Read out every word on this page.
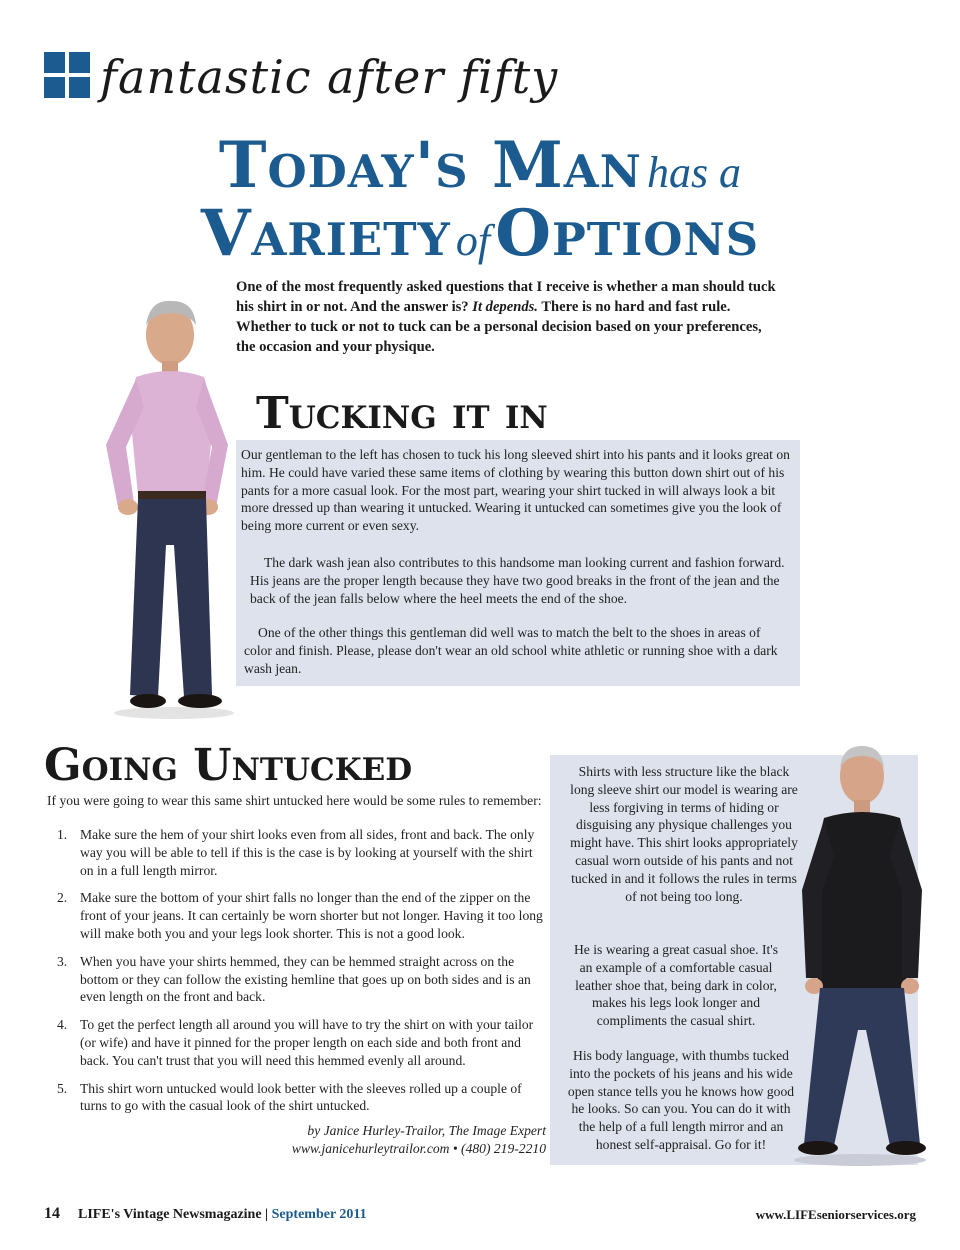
fantastic after fifty
Today's Man has a
Variety of Options
One of the most frequently asked questions that I receive is whether a man should tuck his shirt in or not. And the answer is? It depends. There is no hard and fast rule. Whether to tuck or not to tuck can be a personal decision based on your preferences, the occasion and your physique.
Tucking it in

Our gentleman to the left has chosen to tuck his long sleeved shirt into his pants and it looks great on him. He could have varied these same items of clothing by wearing this button down shirt out of his pants for a more casual look. For the most part, wearing your shirt tucked in will always look a bit more dressed up than wearing it untucked. Wearing it untucked can sometimes give you the look of being more current or even sexy.

The dark wash jean also contributes to this handsome man looking current and fashion forward. His jeans are the proper length because they have two good breaks in the front of the jean and the back of the jean falls below where the heel meets the end of the shoe.

One of the other things this gentleman did well was to match the belt to the shoes in areas of color and finish. Please, please don't wear an old school white athletic or running shoe with a dark wash jean.

Going Untucked
If you were going to wear this same shirt untucked here would be some rules to remember:
1. Make sure the hem of your shirt looks even from all sides, front and back. The only way you will be able to tell if this is the case is by looking at yourself with the shirt on in a full length mirror.
2. Make sure the bottom of your shirt falls no longer than the end of the zipper on the front of your jeans. It can certainly be worn shorter but not longer. Having it too long will make both you and your legs look shorter. This is not a good look.
3. When you have your shirts hemmed, they can be hemmed straight across on the bottom or they can follow the existing hemline that goes up on both sides and is an even length on the front and back.
4. To get the perfect length all around you will have to try the shirt on with your tailor (or wife) and have it pinned for the proper length on each side and both front and back. You can't trust that you will need this hemmed evenly all around.
5. This shirt worn untucked would look better with the sleeves rolled up a couple of turns to go with the casual look of the shirt untucked.
by Janice Hurley-Trailor, The Image Expert
www.janicehurleytrailor.com • (480) 219-2210

Shirts with less structure like the black long sleeve shirt our model is wearing are less forgiving in terms of hiding or disguising any physique challenges you might have. This shirt looks appropriately casual worn outside of his pants and not tucked in and it follows the rules in terms of not being too long.

He is wearing a great casual shoe. It's an example of a comfortable casual leather shoe that, being dark in color, makes his legs look longer and compliments the casual shirt.

His body language, with thumbs tucked into the pockets of his jeans and his wide open stance tells you he knows how good he looks. So can you. You can do it with the help of a full length mirror and an honest self-appraisal. Go for it!

14 LIFE's Vintage Newsmagazine | September 2011	www.LIFEseniorservices.org
